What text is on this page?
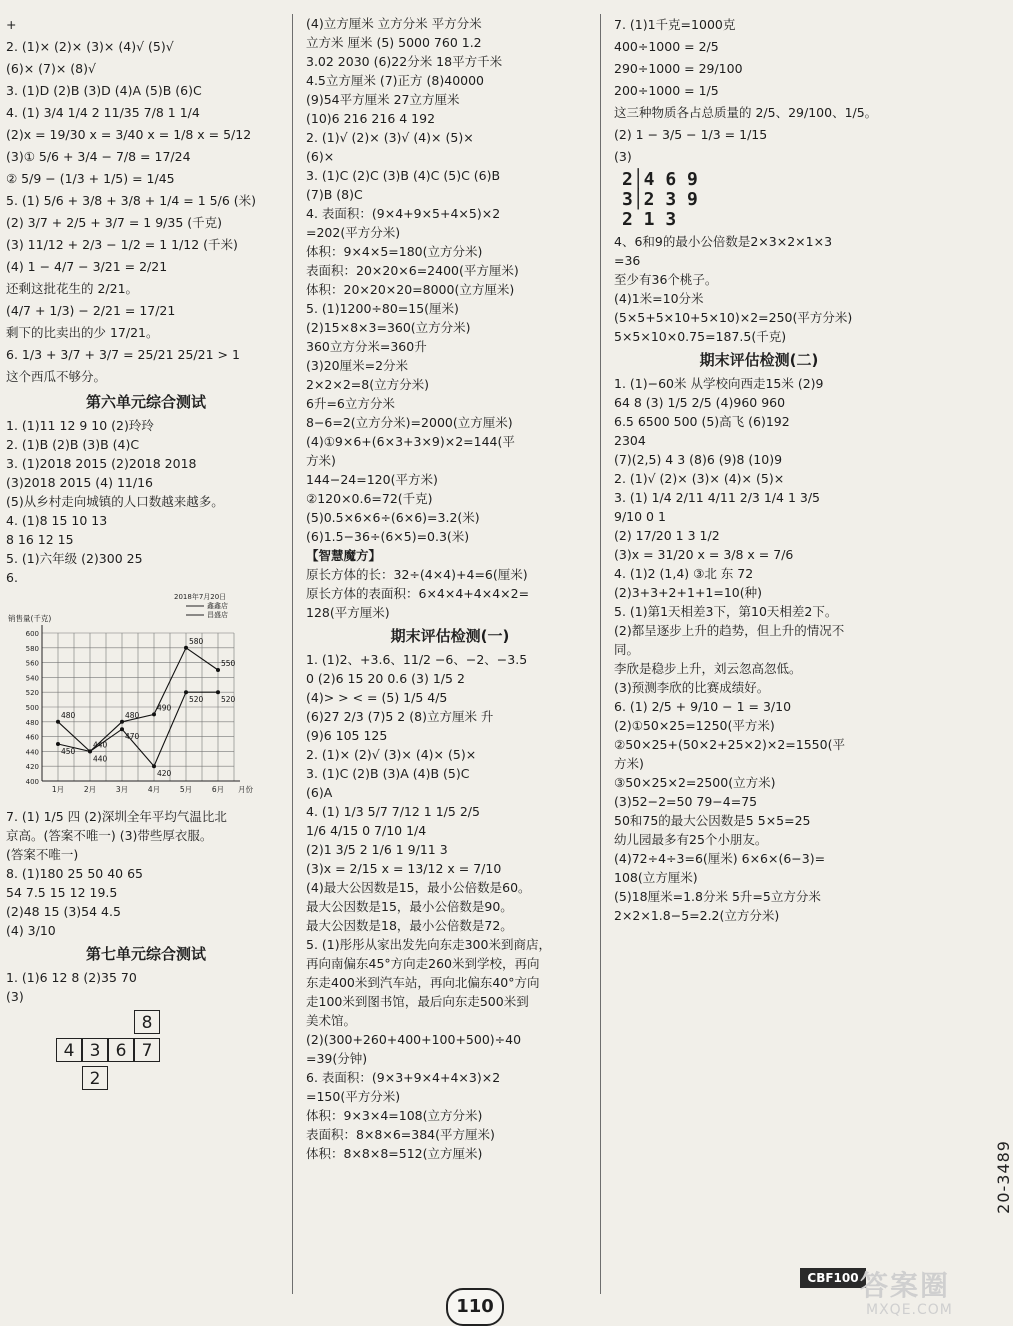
+
2. (1)× (2)× (3)× (4)√ (5)√
(6)× (7)× (8)√
3. (1)D (2)B (3)D (4)A (5)B (6)C
4. (1) 3/4 1/4 2 11/35 7/8 1 1/4
(2)x = 19/30 x = 3/40 x = 1/8 x = 5/12
(3)① 5/6 + 3/4 − 7/8 = 17/24
② 5/9 − (1/3 + 1/5) = 1/45
5. (1) 5/6 + 3/8 + 3/8 + 1/4 = 1 5/6 (米)
(2) 3/7 + 2/5 + 3/7 = 1 9/35 (千克)
(3) 11/12 + 2/3 − 1/2 = 1 1/12 (千米)
(4) 1 − 4/7 − 3/21 = 2/21
还剩这批花生的 2/21。
(4/7 + 1/3) − 2/21 = 17/21
剩下的比卖出的少 17/21。
6. 1/3 + 3/7 + 3/7 = 25/21 25/21 > 1
这个西瓜不够分。
第六单元综合测试
1. (1)11 12 9 10 (2)玲玲
2. (1)B (2)B (3)B (4)C
3. (1)2018 2015 (2)2018 2018
(3)2018 2015 (4) 11/16
(5)从乡村走向城镇的人口数越来越多。
4. (1)8 15 10 13
8 16 12 15
5. (1)六年级 (2)300 25
6.
400
420
440
460
480
500
520
540
560
580
600
1月	2月	3月	4月	5月	6月 月份
销售量(千克)
2018年7月20日
鑫鑫店
昌盛店
480
440
480
490
580
550
450
440
470
420
520 520
7. (1) 1/5 四 (2)深圳全年平均气温比北
京高。(答案不唯一) (3)带些厚衣服。
(答案不唯一)
8. (1)180 25 50 40 65
54 7.5 15 12 19.5
(2)48 15 (3)54 4.5
(4) 3/10
第七单元综合测试
1. (1)6 12 8 (2)35 70
(3)
8
4 3 6 7
2
(4)立方厘米 立方分米 平方分米
立方米 厘米 (5) 5000 760 1.2
3.02 2030 (6)22分米 18平方千米
4.5立方厘米 (7)正方 (8)40000
(9)54平方厘米 27立方厘米
(10)6 216 216 4 192
2. (1)√ (2)× (3)√ (4)× (5)×
(6)×
3. (1)C (2)C (3)B (4)C (5)C (6)B
(7)B (8)C
4. 表面积：(9×4+9×5+4×5)×2
=202(平方分米)
体积：9×4×5=180(立方分米)
表面积：20×20×6=2400(平方厘米)
体积：20×20×20=8000(立方厘米)
5. (1)1200÷80=15(厘米)
(2)15×8×3=360(立方分米)
360立方分米=360升
(3)20厘米=2分米
2×2×2=8(立方分米)
6升=6立方分米
8−6=2(立方分米)=2000(立方厘米)
(4)①9×6+(6×3+3×9)×2=144(平
方米)
144−24=120(平方米)
②120×0.6=72(千克)
(5)0.5×6×6÷(6×6)=3.2(米)
(6)1.5−36÷(6×5)=0.3(米)
【智慧魔方】
原长方体的长：32÷(4×4)+4=6(厘米)
原长方体的表面积：6×4×4+4×4×2=
128(平方厘米)
期末评估检测(一)
1. (1)2、+3.6、11/2 −6、−2、−3.5
0 (2)6 15 20 0.6 (3) 1/5 2
(4)> > < = (5) 1/5 4/5
(6)27 2/3 (7)5 2 (8)立方厘米 升
(9)6 105 125
2. (1)× (2)√ (3)× (4)× (5)×
3. (1)C (2)B (3)A (4)B (5)C
(6)A
4. (1) 1/3 5/7 7/12 1 1/5 2/5
1/6 4/15 0 7/10 1/4
(2)1 3/5 2 1/6 1 9/11 3
(3)x = 2/15 x = 13/12 x = 7/10
(4)最大公因数是15，最小公倍数是60。
最大公因数是15，最小公倍数是90。
最大公因数是18，最小公倍数是72。
5. (1)彤彤从家出发先向东走300米到商店，
再向南偏东45°方向走260米到学校，再向
东走400米到汽车站，再向北偏东40°方向
走100米到图书馆，最后向东走500米到
美术馆。
(2)(300+260+400+100+500)÷40
=39(分钟)
6. 表面积：(9×3+9×4+4×3)×2
=150(平方分米)
体积：9×3×4=108(立方分米)
表面积：8×8×6=384(平方厘米)
体积：8×8×8=512(立方厘米)
7. (1)1千克=1000克
400÷1000 = 2/5
290÷1000 = 29/100
200÷1000 = 1/5
这三种物质各占总质量的 2/5、29/100、1/5。
(2) 1 − 3/5 − 1/3 = 1/15
(3)
2│4 6 9
3│2 3 9
2 1 3
4、6和9的最小公倍数是2×3×2×1×3
=36
至少有36个桃子。
(4)1米=10分米
(5×5+5×10+5×10)×2=250(平方分米)
5×5×10×0.75=187.5(千克)
期末评估检测(二)
1. (1)−60米 从学校向西走15米 (2)9
64 8 (3) 1/5 2/5 (4)960 960
6.5 6500 500 (5)高飞 (6)192
2304
(7)(2,5) 4 3 (8)6 (9)8 (10)9
2. (1)√ (2)× (3)× (4)× (5)×
3. (1) 1/4 2/11 4/11 2/3 1/4 1 3/5
9/10 0 1
(2) 17/20 1 3 1/2
(3)x = 31/20 x = 3/8 x = 7/6
4. (1)2 (1,4) ③北 东 72
(2)3+3+2+1+1=10(种)
5. (1)第1天相差3下，第10天相差2下。
(2)都呈逐步上升的趋势，但上升的情况不
同。
李欣是稳步上升，刘云忽高忽低。
(3)预测李欣的比赛成绩好。
6. (1) 2/5 + 9/10 − 1 = 3/10
(2)①50×25=1250(平方米)
②50×25+(50×2+25×2)×2=1550(平
方米)
③50×25×2=2500(立方米)
(3)52−2=50 79−4=75
50和75的最大公因数是5 5×5=25
幼儿园最多有25个小朋友。
(4)72÷4÷3=6(厘米) 6×6×(6−3)=
108(立方厘米)
(5)18厘米=1.8分米 5升=5立方分米
2×2×1.8−5=2.2(立方分米)
20-3489
CBF100 答案圈
MXQE.COM
110
